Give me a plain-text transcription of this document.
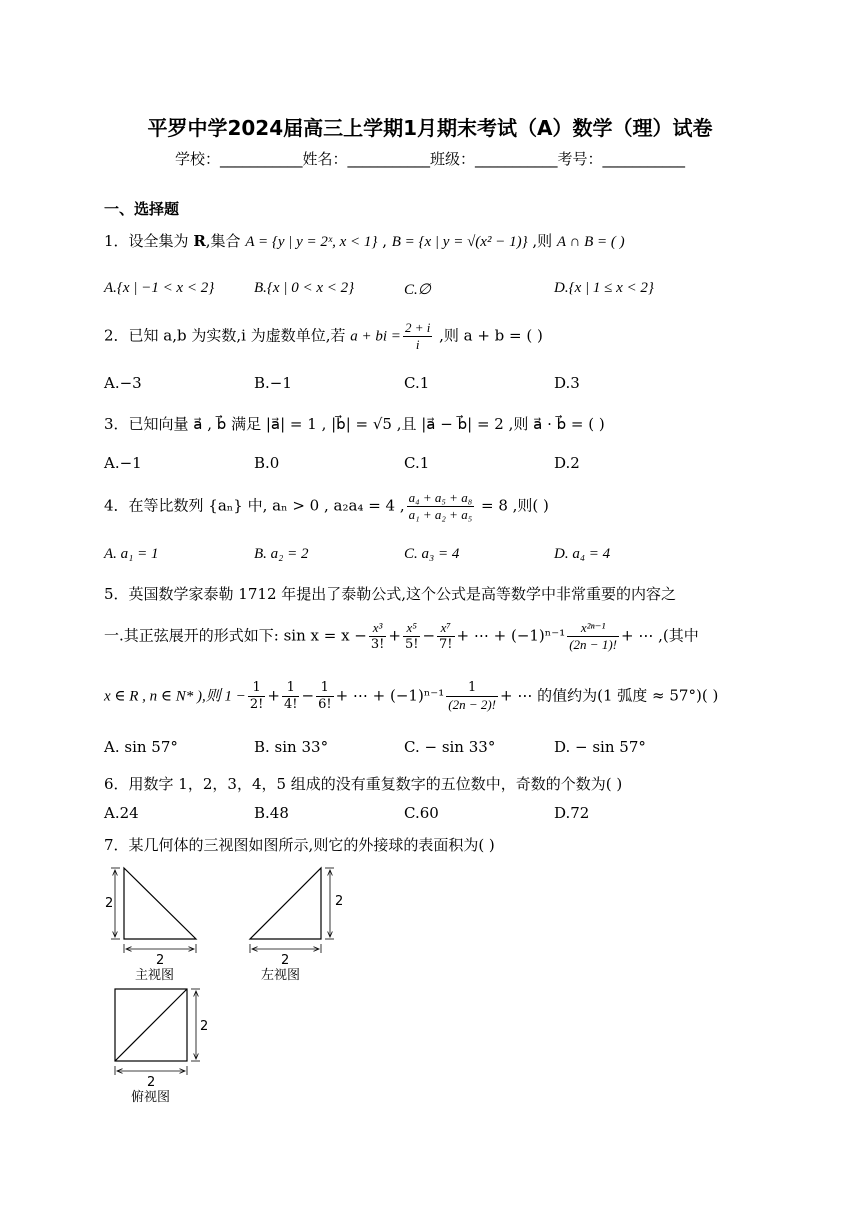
平罗中学2024届高三上学期1月期末考试（A）数学（理）试卷
学校：___________姓名：___________班级：___________考号：___________
一、选择题
1．设全集为 R,集合 A = {y | y = 2ˣ, x < 1} , B = {x | y = √(x² − 1)} ,则 A ∩ B = ( )
A.{x | −1 < x < 2}	B.{x | 0 < x < 2}	C.∅	D.{x | 1 ≤ x < 2}
2．已知 a,b 为实数,i 为虚数单位,若 a + bi = $\frac{2 + i}{i}$ ,则 a + b = ( )
A.−3	B.−1	C.1	D.3
3．已知向量 a⃗ , b⃗ 满足 |a⃗| = 1 , |b⃗| = √5 ,且 |a⃗ − b⃗| = 2 ,则 a⃗ · b⃗ = ( )
A.−1	B.0	C.1	D.2
4．在等比数列 {aₙ} 中, aₙ > 0 , a₂a₄ = 4 , $\frac{\text{a₄ + a₅ + a₈}}{\text{a₁ + a₂ + a₅}} = 8$ ,则( )
A. a₁ = 1	B. a₂ = 2	C. a₃ = 4	D. a₄ = 4
5．英国数学家泰勒 1712 年提出了泰勒公式,这个公式是高等数学中非常重要的内容之
一.其正弦展开的形式如下: $\sin x = x - \frac{\text{x³}}{3!} + \frac{\text{x⁵}}{5!} - \frac{\text{x⁷}}{7!}$ + ⋯ + $(-1)^{n-1} \frac{\text{x²ⁿ⁻¹}}{(2n - 1)!}$ + ⋯ ,(其中
x ∈ R , n ∈ N* ),则 $1 - \frac{1}{2!} + \frac{1}{4!} - \frac{1}{6!}$ + ⋯ + $(-1)^{n-1} \frac{1}{(2n - 2)!}$ + ⋯ 的值约为(1 弧度 ≈ 57°)( )
A. sin 57°	B. sin 33°	C. − sin 33°	D. − sin 57°
6．用数字 1，2，3，4，5 组成的没有重复数字的五位数中，奇数的个数为( )
A.24	B.48	C.60	D.72
7．某几何体的三视图如图所示,则它的外接球的表面积为( )
2
2
主视图
2
2
左视图
2
2
俯视图
